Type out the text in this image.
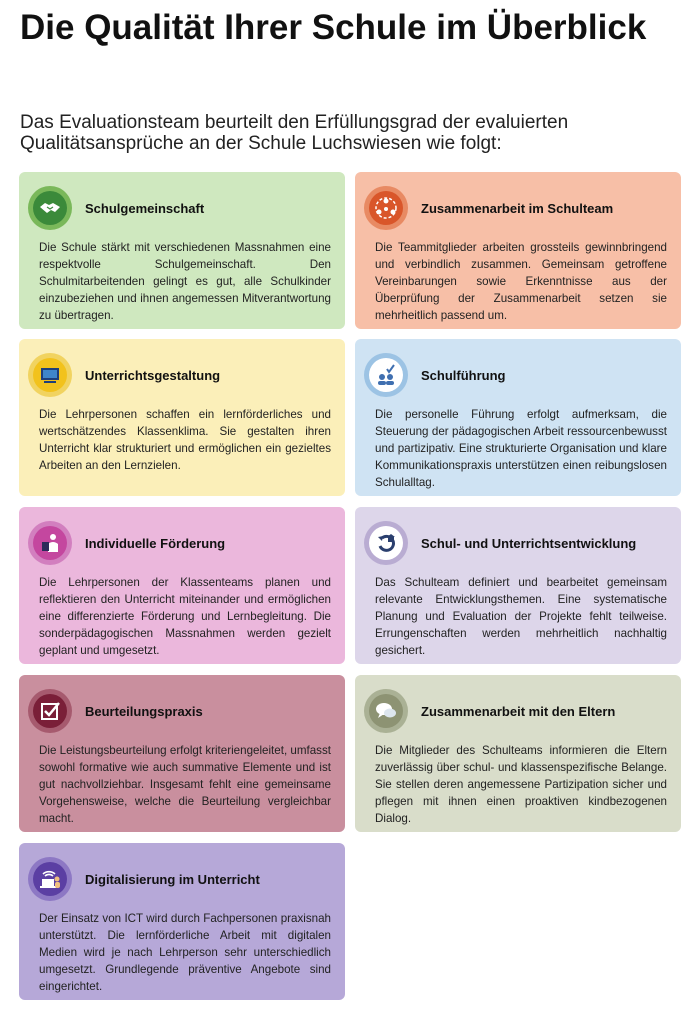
Die Qualität Ihrer Schule im Überblick

Das Evaluationsteam beurteilt den Erfüllungsgrad der evaluierten Qualitätsansprüche an der Schule Luchswiesen wie folgt:

Schulgemeinschaft

Die Schule stärkt mit verschiedenen Massnahmen eine respektvolle Schulgemeinschaft. Den Schulmitarbeitenden gelingt es gut, alle Schulkinder einzubeziehen und ihnen angemessen Mitverantwortung zu übertragen.

Zusammenarbeit im Schulteam

Die Teammitglieder arbeiten grossteils gewinnbringend und verbindlich zusammen. Gemeinsam getroffene Vereinbarungen sowie Erkenntnisse aus der Überprüfung der Zusammenarbeit setzen sie mehrheitlich passend um.

Unterrichtsgestaltung

Die Lehrpersonen schaffen ein lernförderliches und wertschätzendes Klassenklima. Sie gestalten ihren Unterricht klar strukturiert und ermöglichen ein gezieltes Arbeiten an den Lernzielen.

Schulführung

Die personelle Führung erfolgt aufmerksam, die Steuerung der pädagogischen Arbeit ressourcenbewusst und partizipativ. Eine strukturierte Organisation und klare Kommunikationspraxis unterstützen einen reibungslosen Schulalltag.

Individuelle Förderung

Die Lehrpersonen der Klassenteams planen und reflektieren den Unterricht miteinander und ermöglichen eine differenzierte Förderung und Lernbegleitung. Die sonderpädagogischen Massnahmen werden gezielt geplant und umgesetzt.

Schul- und Unterrichtsentwicklung

Das Schulteam definiert und bearbeitet gemeinsam relevante Entwicklungsthemen. Eine systematische Planung und Evaluation der Projekte fehlt teilweise. Errungenschaften werden mehrheitlich nachhaltig gesichert.

Beurteilungspraxis

Die Leistungsbeurteilung erfolgt kriteriengeleitet, umfasst sowohl formative wie auch summative Elemente und ist gut nachvollziehbar. Insgesamt fehlt eine gemeinsame Vorgehensweise, welche die Beurteilung vergleichbar macht.

Zusammenarbeit mit den Eltern

Die Mitglieder des Schulteams informieren die Eltern zuverlässig über schul- und klassenspezifische Belange. Sie stellen deren angemessene Partizipation sicher und pflegen mit ihnen einen proaktiven kindbezogenen Dialog.

Digitalisierung im Unterricht

Der Einsatz von ICT wird durch Fachpersonen praxisnah unterstützt. Die lernförderliche Arbeit mit digitalen Medien wird je nach Lehrperson sehr unterschiedlich umgesetzt. Grundlegende präventive Angebote sind eingerichtet.
